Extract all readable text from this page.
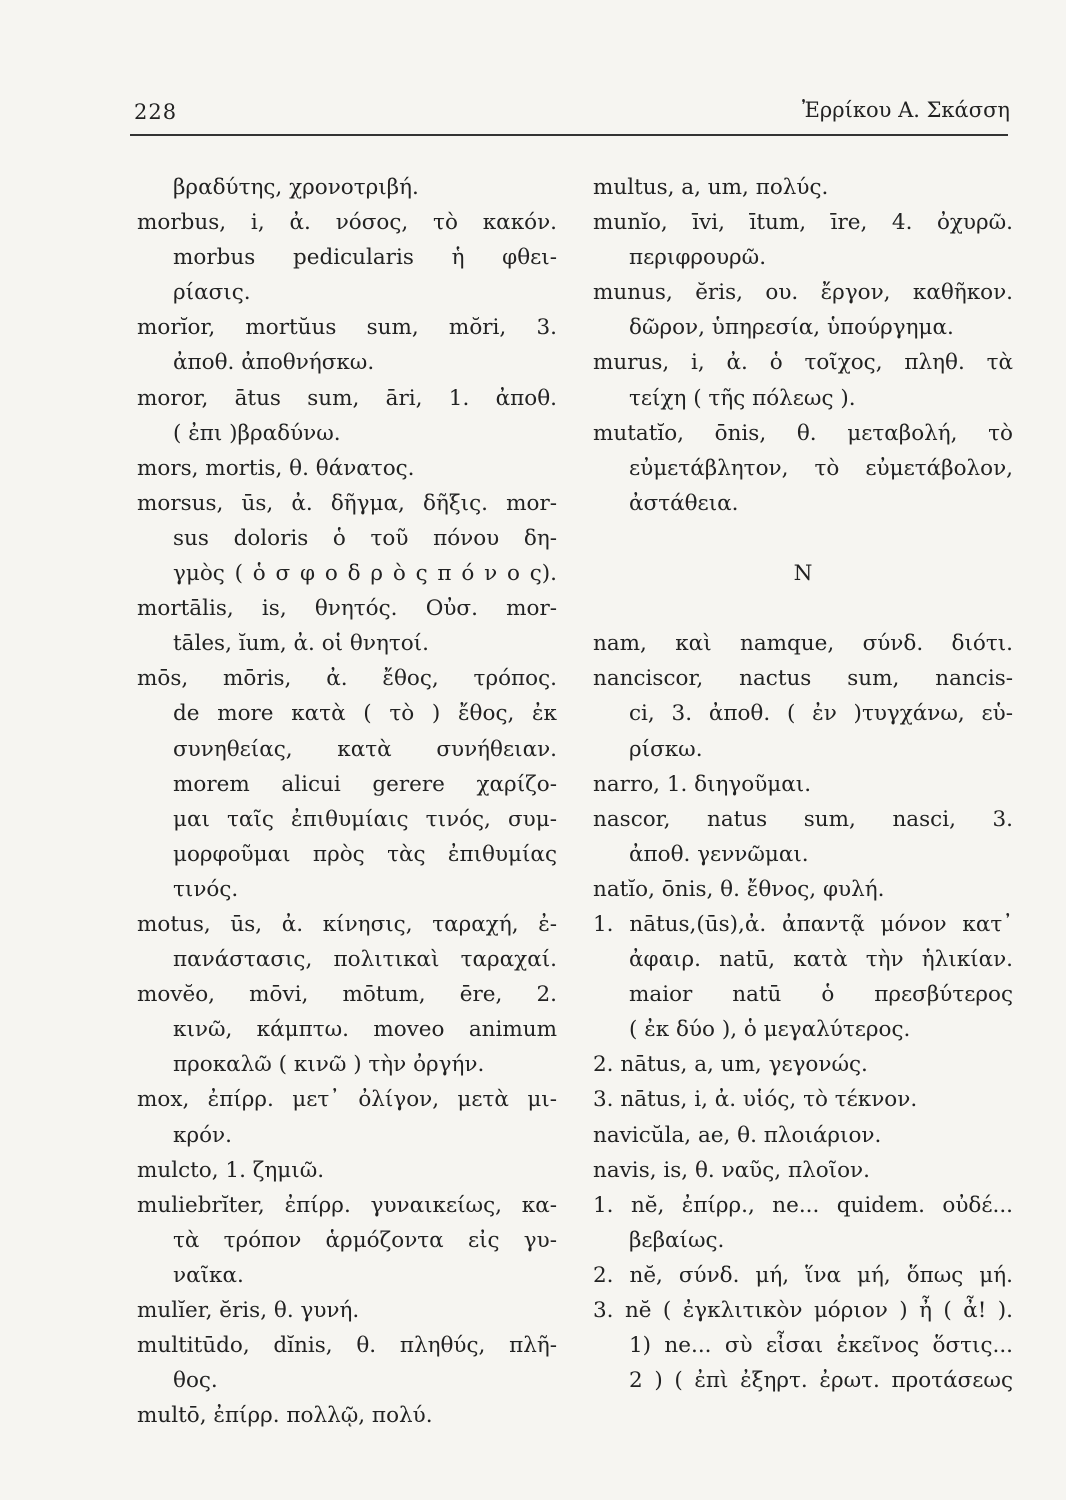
228	Ἐρρίκου Α. Σκάσση
βραδύτης, χρονοτριβή.
morbus, i, ἀ. νόσος, τὸ κακόν.
morbus pedicularis ἡ φθει-
ρίασις.
morĭor, mortŭus sum, mŏri, 3.
ἀποθ. ἀποθνήσκω.
moror, ātus sum, āri, 1. ἀποθ.
( ἐπι )βραδύνω.
mors, mortis, θ. θάνατος.
morsus, ūs, ἀ. δῆγμα, δῆξις. mor-
sus doloris ὁ τοῦ πόνου δη-
γμὸς ( ὁ σ φ ο δ ρ ὸ ς π ό ν ο ς).
mortālis, is, θνητός. Οὐσ. mor-
tāles, ĭum, ἀ. οἱ θνητοί.
mōs, mōris, ἀ. ἔθος, τρόπος.
de more κατὰ ( τὸ ) ἔθος, ἐκ
συνηθείας, κατὰ συνήθειαν.
morem alicui gerere χαρίζο-
μαι ταῖς ἐπιθυμίαις τινός, συμ-
μορφοῦμαι πρὸς τὰς ἐπιθυμίας
τινός.
motus, ūs, ἀ. κίνησις, ταραχή, ἐ-
πανάστασις, πολιτικαὶ ταραχαί.
movĕo, mōvi, mōtum, ēre, 2.
κινῶ, κάμπτω. moveo animum
προκαλῶ ( κινῶ ) τὴν ὀργήν.
mox, ἐπίρρ. μετ᾽ ὀλίγον, μετὰ μι-
κρόν.
mulcto, 1. ζημιῶ.
muliebrĭter, ἐπίρρ. γυναικείως, κα-
τὰ τρόπον ἁρμόζοντα εἰς γυ-
ναῖκα.
mulĭer, ĕris, θ. γυνή.
multitūdo, dĭnis, θ. πληθύς, πλῆ-
θος.
multō, ἐπίρρ. πολλῷ, πολύ.
multus, a, um, πολύς.
munĭo, īvi, ītum, īre, 4. ὀχυρῶ.
περιφρουρῶ.
munus, ĕris, ου. ἔργον, καθῆκον.
δῶρον, ὑπηρεσία, ὑπούργημα.
murus, i, ἀ. ὁ τοῖχος, πληθ. τὰ
τείχη ( τῆς πόλεως ).
mutatĭo, ōnis, θ. μεταβολή, τὸ
εὐμετάβλητον, τὸ εὐμετάβολον,
ἀστάθεια.
N
nam, καὶ namque, σύνδ. διότι.
nanciscor, nactus sum, nancis-
ci, 3. ἀποθ. ( ἐν )τυγχάνω, εὑ-
ρίσκω.
narro, 1. διηγοῦμαι.
nascor, natus sum, nasci, 3.
ἀποθ. γεννῶμαι.
natĭo, ōnis, θ. ἔθνος, φυλή.
1. nātus,(ūs),ἀ. ἀπαντᾷ μόνον κατ᾽
ἀφαιρ. natū, κατὰ τὴν ἡλικίαν.
maior natū ὁ πρεσβύτερος
( ἐκ δύο ), ὁ μεγαλύτερος.
2. nātus, a, um, γεγονώς.
3. nātus, i, ἀ. υἱός, τὸ τέκνον.
navicŭla, ae, θ. πλοιάριον.
navis, is, θ. ναῦς, πλοῖον.
1. nĕ, ἐπίρρ., ne... quidem. οὐδέ...
βεβαίως.
2. nĕ, σύνδ. μή, ἵνα μή, ὅπως μή.
3. nĕ ( ἐγκλιτικὸν μόριον ) ἦ ( ἆ! ).
1) ne... σὺ εἶσαι ἐκεῖνος ὅστις...
2 ) ( ἐπὶ ἐξηρτ. ἐρωτ. προτάσεως
